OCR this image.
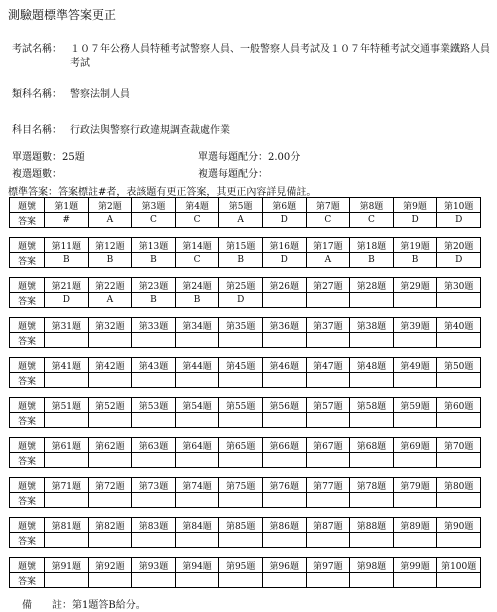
測驗題標準答案更正
考試名稱： １０７年公務人員特種考試警察人員、一般警察人員考試及１０７年特種考試交通事業鐵路人員考試
類科名稱： 警察法制人員
科目名稱： 行政法與警察行政違規調查裁處作業
單選題數：25題	單選每題配分：2.00分
複選題數：	複選每題配分：
標準答案：答案標註#者，表該題有更正答案，其更正內容詳見備註。
題號	第1題	第2題	第3題	第4題	第5題	第6題	第7題	第8題	第9題	第10題
答案	#	A	C	C	A	D	C	C	D	D
題號	第11題	第12題	第13題	第14題	第15題	第16題	第17題	第18題	第19題	第20題
答案	B	B	B	C	B	D	A	B	B	D
題號	第21題	第22題	第23題	第24題	第25題	第26題	第27題	第28題	第29題	第30題
答案	D	A	B	B	D					
題號	第31題	第32題	第33題	第34題	第35題	第36題	第37題	第38題	第39題	第40題
答案										
題號	第41題	第42題	第43題	第44題	第45題	第46題	第47題	第48題	第49題	第50題
答案										
題號	第51題	第52題	第53題	第54題	第55題	第56題	第57題	第58題	第59題	第60題
答案										
題號	第61題	第62題	第63題	第64題	第65題	第66題	第67題	第68題	第69題	第70題
答案										
題號	第71題	第72題	第73題	第74題	第75題	第76題	第77題	第78題	第79題	第80題
答案										
題號	第81題	第82題	第83題	第84題	第85題	第86題	第87題	第88題	第89題	第90題
答案										
題號	第91題	第92題	第93題	第94題	第95題	第96題	第97題	第98題	第99題	第100題
答案										
備　　註：第1題答B給分。
